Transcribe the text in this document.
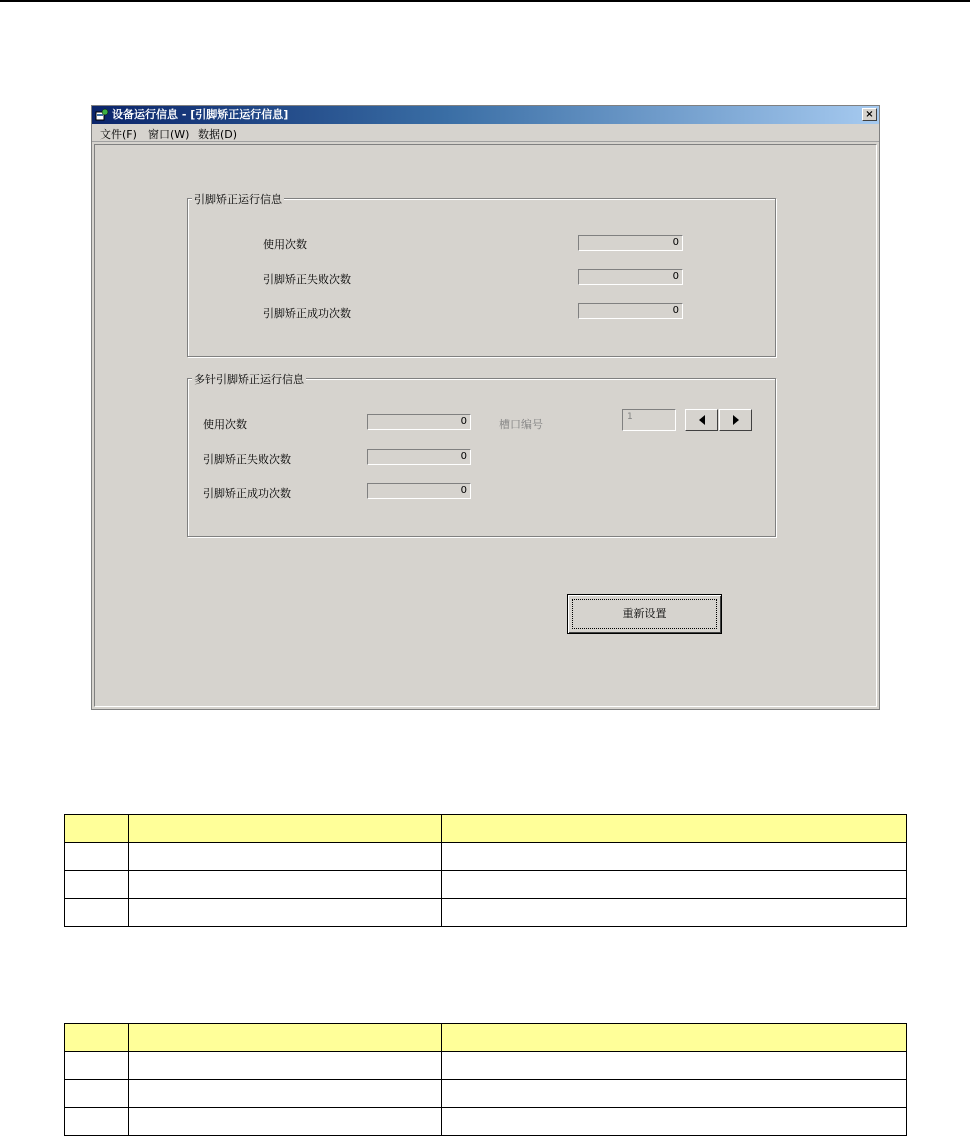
设备运行信息 - [引脚矫正运行信息]	×
文件(F) 窗口(W) 数据(D)
引脚矫正运行信息
使用次数	0
引脚矫正失败次数	0
引脚矫正成功次数	0
多针引脚矫正运行信息
使用次数	0
引脚矫正失败次数	0
引脚矫正成功次数	0
槽口编号
1
重新设置
